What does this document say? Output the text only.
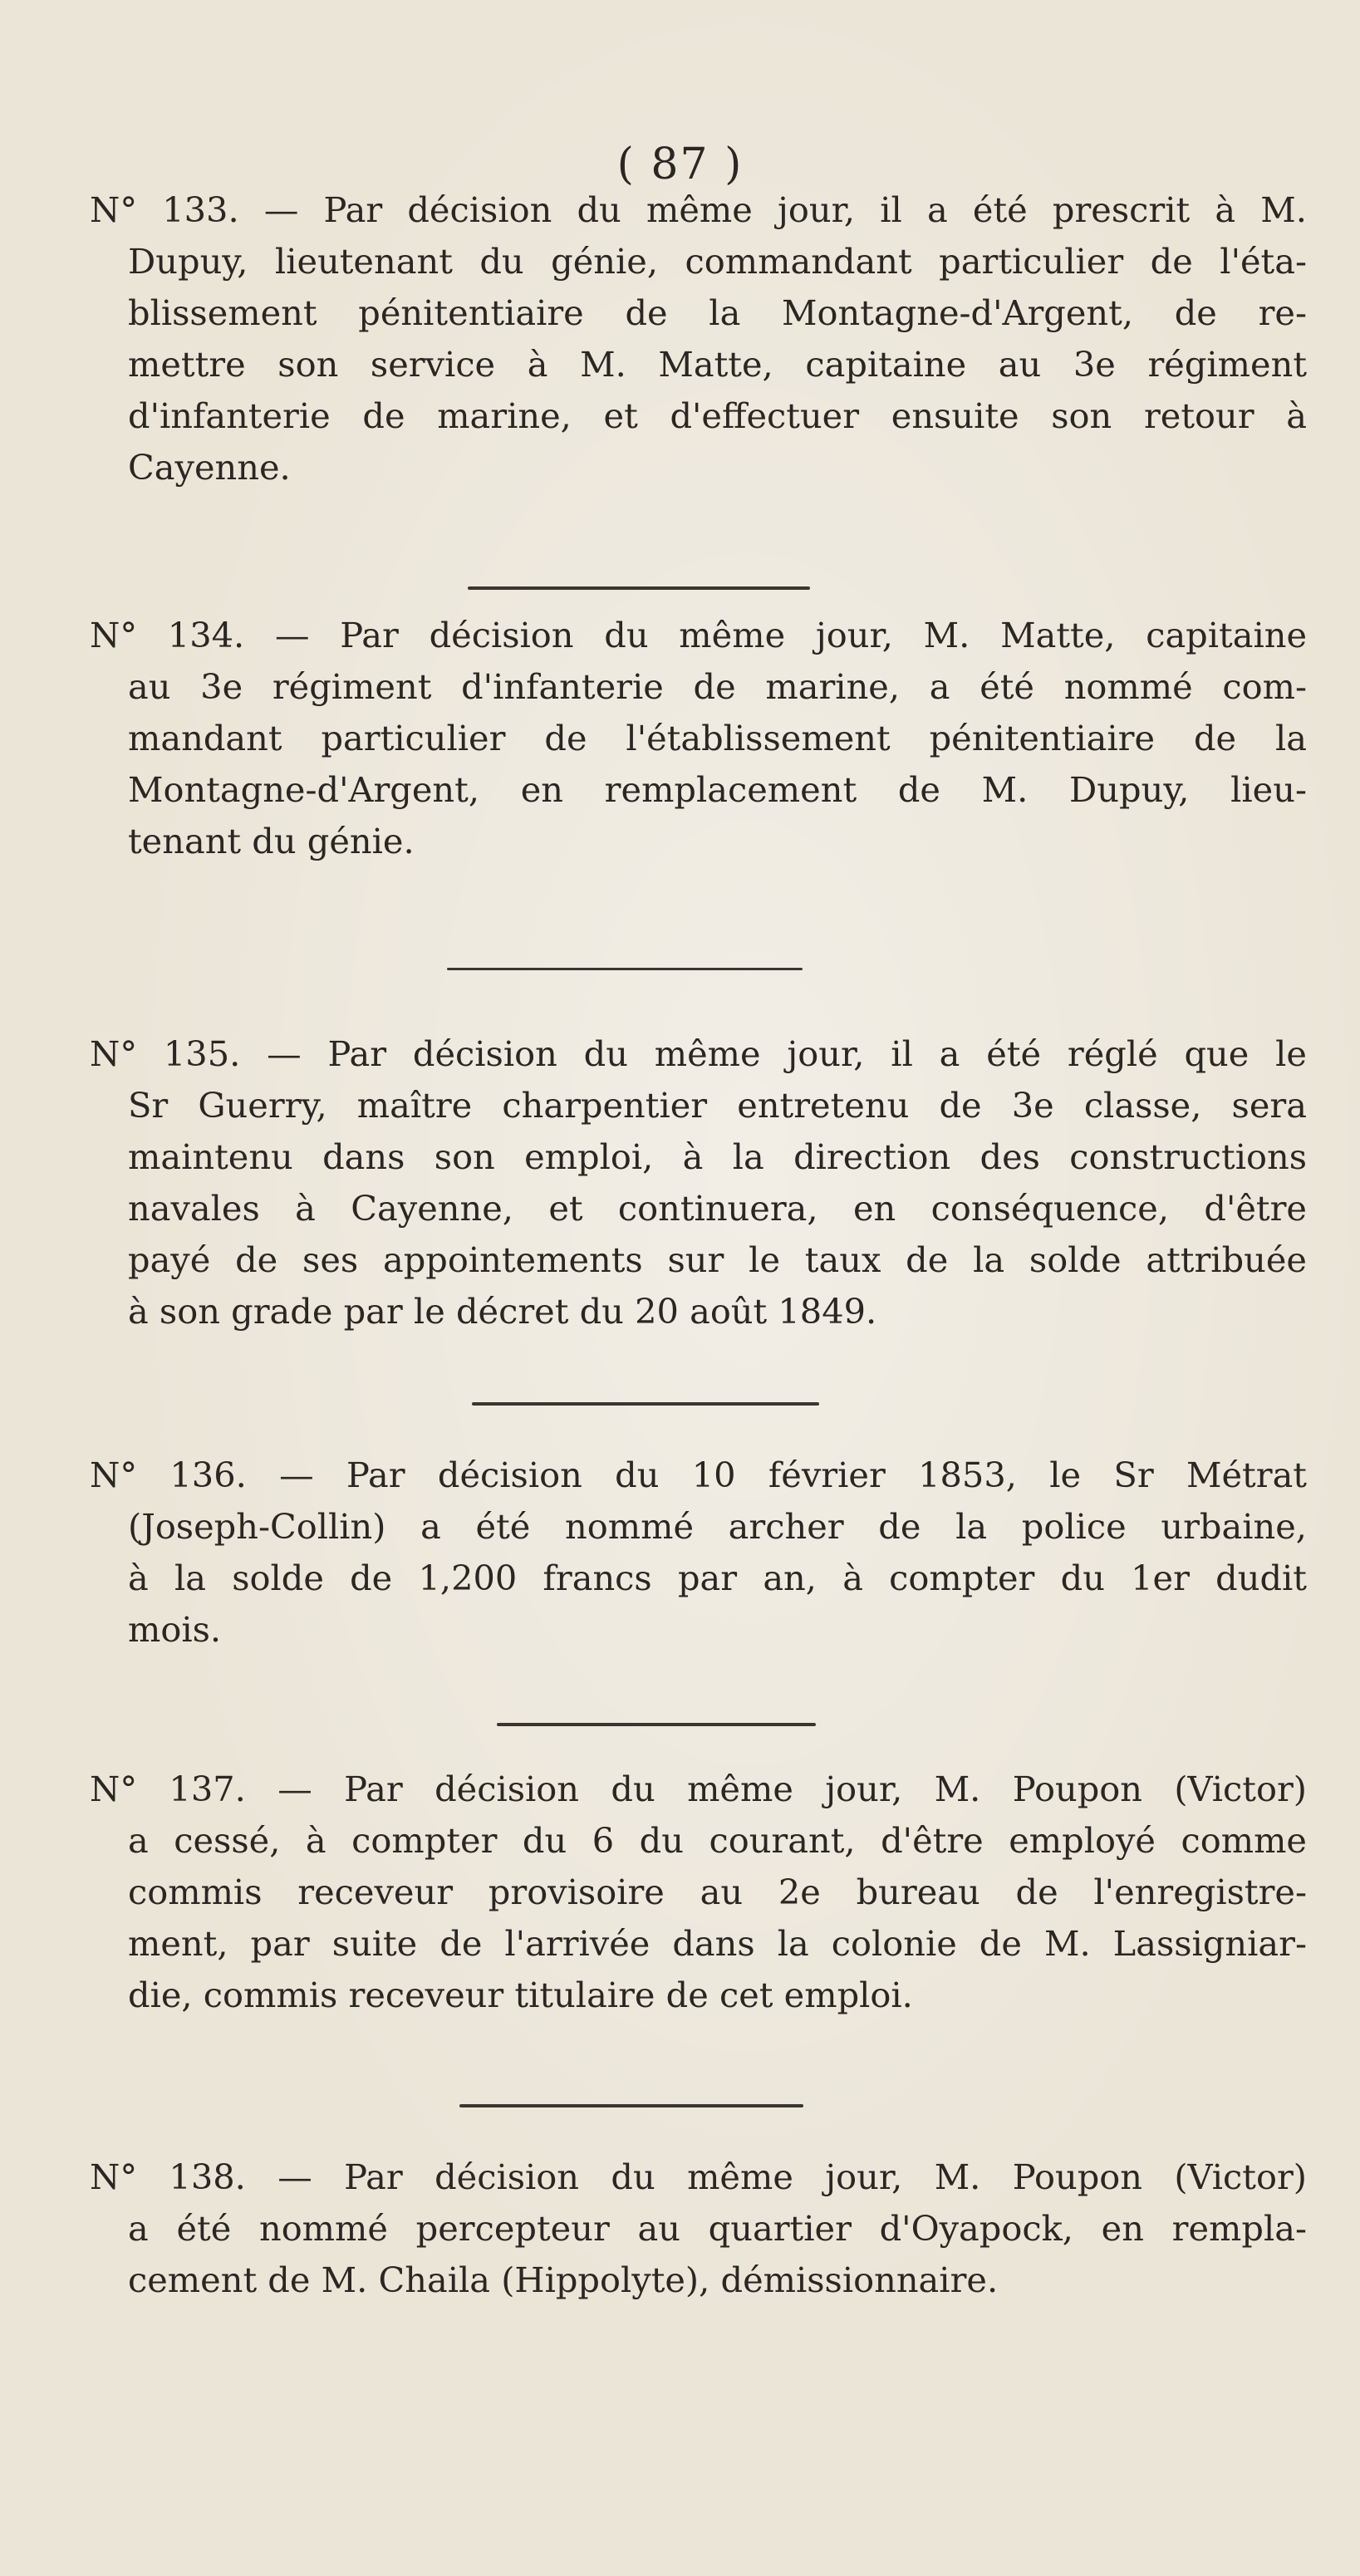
( 87 )
N° 133. — Par décision du même jour, il a été prescrit à M.
Dupuy, lieutenant du génie, commandant particulier de l'éta-
blissement pénitentiaire de la Montagne-d'Argent, de re-
mettre son service à M. Matte, capitaine au 3e régiment
d'infanterie de marine, et d'effectuer ensuite son retour à
Cayenne.
N° 134. — Par décision du même jour, M. Matte, capitaine
au 3e régiment d'infanterie de marine, a été nommé com-
mandant particulier de l'établissement pénitentiaire de la
Montagne-d'Argent, en remplacement de M. Dupuy, lieu-
tenant du génie.
N° 135. — Par décision du même jour, il a été réglé que le
Sr Guerry, maître charpentier entretenu de 3e classe, sera
maintenu dans son emploi, à la direction des constructions
navales à Cayenne, et continuera, en conséquence, d'être
payé de ses appointements sur le taux de la solde attribuée
à son grade par le décret du 20 août 1849.
N° 136. — Par décision du 10 février 1853, le Sr Métrat
(Joseph-Collin) a été nommé archer de la police urbaine,
à la solde de 1,200 francs par an, à compter du 1er dudit
mois.
N° 137. — Par décision du même jour, M. Poupon (Victor)
a cessé, à compter du 6 du courant, d'être employé comme
commis receveur provisoire au 2e bureau de l'enregistre-
ment, par suite de l'arrivée dans la colonie de M. Lassigniar-
die, commis receveur titulaire de cet emploi.
N° 138. — Par décision du même jour, M. Poupon (Victor)
a été nommé percepteur au quartier d'Oyapock, en rempla-
cement de M. Chaila (Hippolyte), démissionnaire.
